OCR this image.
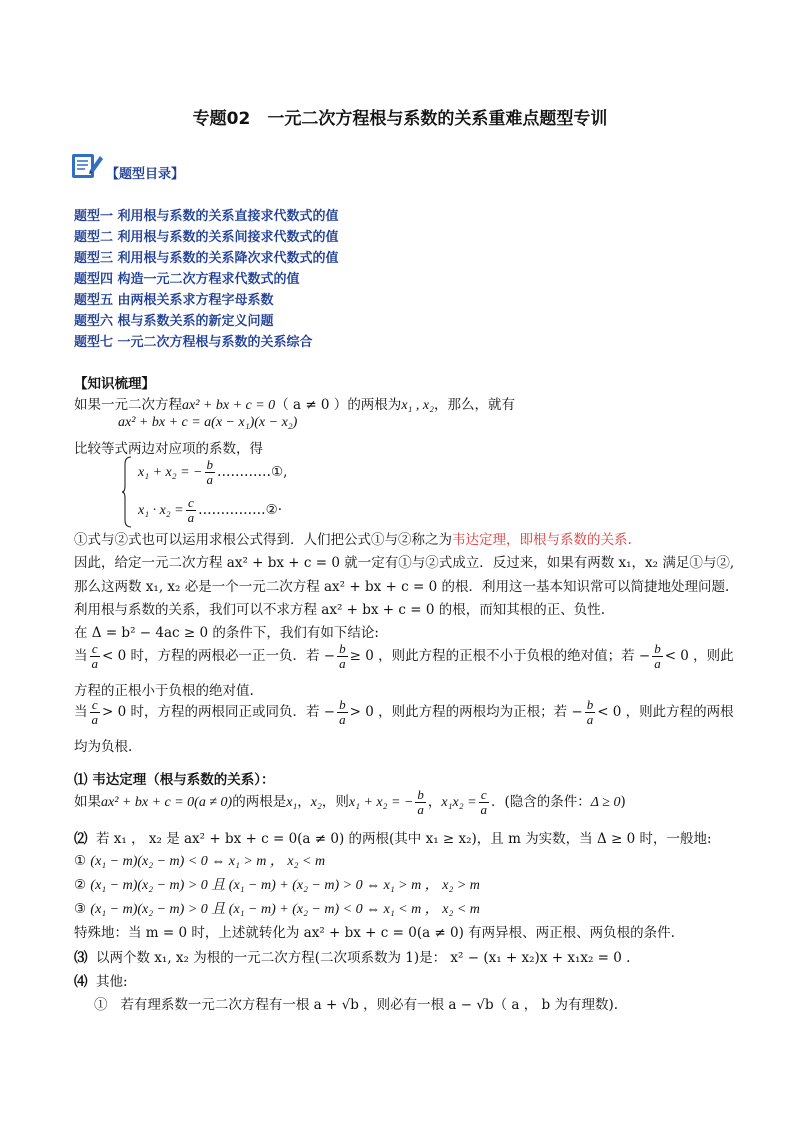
专题02　一元二次方程根与系数的关系重难点题型专训
【题型目录】
题型一 利用根与系数的关系直接求代数式的值
题型二 利用根与系数的关系间接求代数式的值
题型三 利用根与系数的关系降次求代数式的值
题型四 构造一元二次方程求代数式的值
题型五 由两根关系求方程字母系数
题型六 根与系数关系的新定义问题
题型七 一元二次方程根与系数的关系综合
【知识梳理】
如果一元二次方程ax² + bx + c = 0（ a ≠ 0 ）的两根为x₁ , x₂，那么，就有
ax² + bx + c = a(x − x₁)(x − x₂)
比较等式两边对应项的系数，得
x₁ + x₂ = − $\frac{b}{a}$ …………①,
$x_1 \cdot x_2 = \frac{c}{a}$ ……………②·
①式与②式也可以运用求根公式得到．人们把公式①与②称之为韦达定理，即根与系数的关系.
因此，给定一元二次方程 ax² + bx + c = 0 就一定有①与②式成立．反过来，如果有两数 x₁，x₂ 满足①与②,
那么这两数 x₁, x₂ 必是一个一元二次方程 ax² + bx + c = 0 的根．利用这一基本知识常可以简捷地处理问题.
利用根与系数的关系，我们可以不求方程 ax² + bx + c = 0 的根，而知其根的正、负性.
在 Δ = b² − 4ac ≥ 0 的条件下，我们有如下结论:
当 $\frac{c}{a} < 0$ 时，方程的两根必一正一负．若 − $\frac{b}{a} \ge 0$ ，则此方程的正根不小于负根的绝对值；若 − $\frac{b}{a} < 0$ ，则此
方程的正根小于负根的绝对值.
当 $\frac{c}{a} > 0$ 时，方程的两根同正或同负．若 − $\frac{b}{a} > 0$ ，则此方程的两根均为正根；若 − $\frac{b}{a} < 0$ ，则此方程的两根
均为负根.
⑴ 韦达定理（根与系数的关系）：
如果ax² + bx + c = 0(a ≠ 0)的两根是x₁，x₂，则x₁ + x₂ = − $\frac{b}{a}$ ，$x_1x_2 = \frac{c}{a}$ ．(隐含的条件：Δ ≥ 0)
⑵ 若 x₁ ， x₂ 是 ax² + bx + c = 0(a ≠ 0) 的两根(其中 x₁ ≥ x₂)，且 m 为实数，当 Δ ≥ 0 时，一般地:
① (x₁ − m)(x₂ − m) < 0 ⇔ x₁ > m ， x₂ < m
② (x₁ − m)(x₂ − m) > 0 且 (x₁ − m) + (x₂ − m) > 0 ⇔ x₁ > m ， x₂ > m
③ (x₁ − m)(x₂ − m) > 0 且 (x₁ − m) + (x₂ − m) < 0 ⇔ x₁ < m ， x₂ < m
特殊地：当 m = 0 时，上述就转化为 ax² + bx + c = 0(a ≠ 0) 有两异根、两正根、两负根的条件.
⑶ 以两个数 x₁, x₂ 为根的一元二次方程(二次项系数为 1)是： x² − (x₁ + x₂)x + x₁x₂ = 0 .
⑷ 其他:
① 若有理系数一元二次方程有一根 a + √b ，则必有一根 a − √b（ a ， b 为有理数).
